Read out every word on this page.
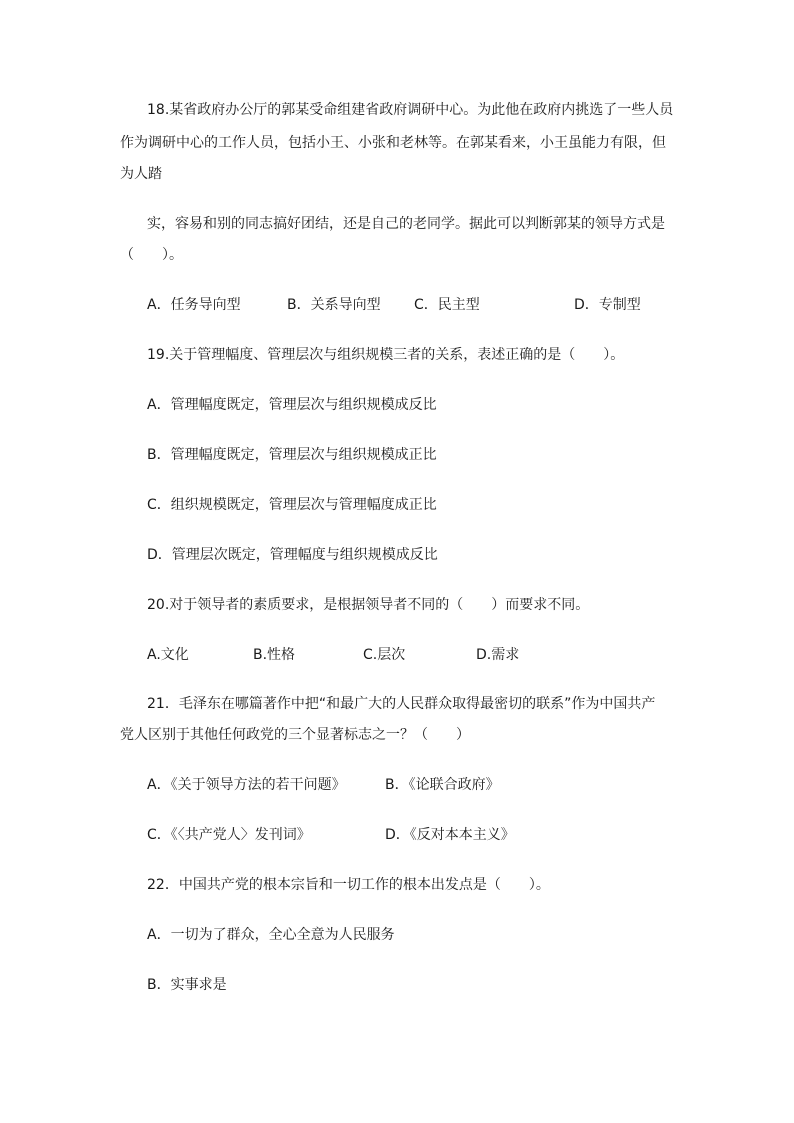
18.某省政府办公厅的郭某受命组建省政府调研中心。为此他在政府内挑选了一些人员
作为调研中心的工作人员，包括小王、小张和老林等。在郭某看来，小王虽能力有限，但
为人踏
实，容易和别的同志搞好团结，还是自己的老同学。据此可以判断郭某的领导方式是
（　　）。
A．任务导向型	B．关系导向型 C．民主型	D．专制型
19.关于管理幅度、管理层次与组织规模三者的关系，表述正确的是（　　）。
A．管理幅度既定，管理层次与组织规模成反比
B．管理幅度既定，管理层次与组织规模成正比
C．组织规模既定，管理层次与管理幅度成正比
D．管理层次既定，管理幅度与组织规模成反比
20.对于领导者的素质要求，是根据领导者不同的（　　）而要求不同。
A.文化	B.性格	C.层次	D.需求
21．毛泽东在哪篇著作中把“和最广大的人民群众取得最密切的联系”作为中国共产
党人区别于其他任何政党的三个显著标志之一？（　　）
A．《关于领导方法的若干问题》	B．《论联合政府》
C．《〈共产党人〉发刊词》	D．《反对本本主义》
22．中国共产党的根本宗旨和一切工作的根本出发点是（　　）。
A．一切为了群众，全心全意为人民服务
B．实事求是
